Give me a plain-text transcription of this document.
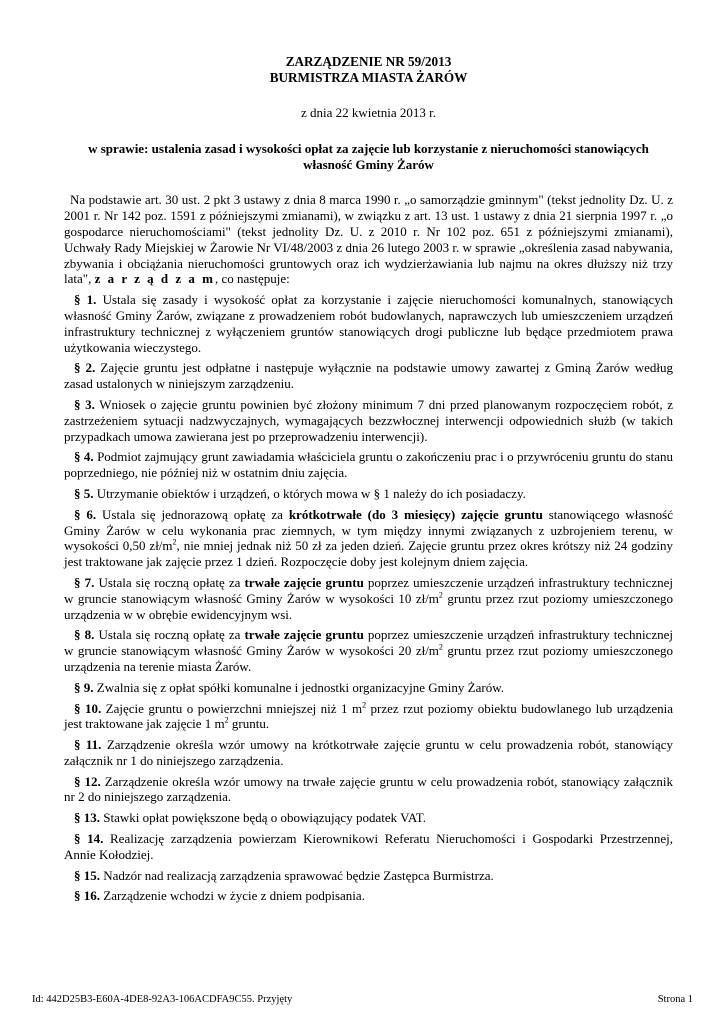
ZARZĄDZENIE NR 59/2013
BURMISTRZA MIASTA ŻARÓW
z dnia 22 kwietnia 2013 r.
w sprawie: ustalenia zasad i wysokości opłat za zajęcie lub korzystanie z nieruchomości stanowiących własność Gminy Żarów
Na podstawie art. 30 ust. 2 pkt 3 ustawy z dnia 8 marca 1990 r. „o samorządzie gminnym" (tekst jednolity Dz. U. z 2001 r. Nr 142 poz. 1591 z późniejszymi zmianami), w związku z art. 13 ust. 1 ustawy z dnia 21 sierpnia 1997 r. „o gospodarce nieruchomościami" (tekst jednolity Dz. U. z 2010 r. Nr 102 poz. 651 z późniejszymi zmianami), Uchwały Rady Miejskiej w Żarowie Nr VI/48/2003 z dnia 26 lutego 2003 r. w sprawie „określenia zasad nabywania, zbywania i obciążania nieruchomości gruntowych oraz ich wydzierżawiania lub najmu na okres dłuższy niż trzy lata", z a r z ą d z a m, co następuje:
§ 1. Ustala się zasady i wysokość opłat za korzystanie i zajęcie nieruchomości komunalnych, stanowiących własność Gminy Żarów, związane z prowadzeniem robót budowlanych, naprawczych lub umieszczeniem urządzeń infrastruktury technicznej z wyłączeniem gruntów stanowiących drogi publiczne lub będące przedmiotem prawa użytkowania wieczystego.
§ 2. Zajęcie gruntu jest odpłatne i następuje wyłącznie na podstawie umowy zawartej z Gminą Żarów według zasad ustalonych w niniejszym zarządzeniu.
§ 3. Wniosek o zajęcie gruntu powinien być złożony minimum 7 dni przed planowanym rozpoczęciem robót, z zastrzeżeniem sytuacji nadzwyczajnych, wymagających bezzwłocznej interwencji odpowiednich służb (w takich przypadkach umowa zawierana jest po przeprowadzeniu interwencji).
§ 4. Podmiot zajmujący grunt zawiadamia właściciela gruntu o zakończeniu prac i o przywróceniu gruntu do stanu poprzedniego, nie później niż w ostatnim dniu zajęcia.
§ 5. Utrzymanie obiektów i urządzeń, o których mowa w § 1 należy do ich posiadaczy.
§ 6. Ustala się jednorazową opłatę za krótkotrwałe (do 3 miesięcy) zajęcie gruntu stanowiącego własność Gminy Żarów w celu wykonania prac ziemnych, w tym między innymi związanych z uzbrojeniem terenu, w wysokości 0,50 $zł/m^2$, nie mniej jednak niż 50 zł za jeden dzień. Zajęcie gruntu przez okres krótszy niż 24 godziny jest traktowane jak zajęcie przez 1 dzień. Rozpoczęcie doby jest kolejnym dniem zajęcia.
§ 7. Ustala się roczną opłatę za trwałe zajęcie gruntu poprzez umieszczenie urządzeń infrastruktury technicznej w gruncie stanowiącym własność Gminy Żarów w wysokości 10 $zł/m^2$ gruntu przez rzut poziomy umieszczonego urządzenia w w obrębie ewidencyjnym wsi.
§ 8. Ustala się roczną opłatę za trwałe zajęcie gruntu poprzez umieszczenie urządzeń infrastruktury technicznej w gruncie stanowiącym własność Gminy Żarów w wysokości 20 $zł/m^2$ gruntu przez rzut poziomy umieszczonego urządzenia na terenie miasta Żarów.
§ 9. Zwalnia się z opłat spółki komunalne i jednostki organizacyjne Gminy Żarów.
§ 10. Zajęcie gruntu o powierzchni mniejszej niż 1 $m^2$ przez rzut poziomy obiektu budowlanego lub urządzenia jest traktowane jak zajęcie 1 $m^2$ gruntu.
§ 11. Zarządzenie określa wzór umowy na krótkotrwałe zajęcie gruntu w celu prowadzenia robót, stanowiący załącznik nr 1 do niniejszego zarządzenia.
§ 12. Zarządzenie określa wzór umowy na trwałe zajęcie gruntu w celu prowadzenia robót, stanowiący załącznik nr 2 do niniejszego zarządzenia.
§ 13. Stawki opłat powiększone będą o obowiązujący podatek VAT.
§ 14. Realizację zarządzenia powierzam Kierownikowi Referatu Nieruchomości i Gospodarki Przestrzennej, Annie Kołodziej.
§ 15. Nadzór nad realizacją zarządzenia sprawować będzie Zastępca Burmistrza.
§ 16. Zarządzenie wchodzi w życie z dniem podpisania.
Id: 442D25B3-E60A-4DE8-92A3-106ACDFA9C55. Przyjęty	Strona 1
